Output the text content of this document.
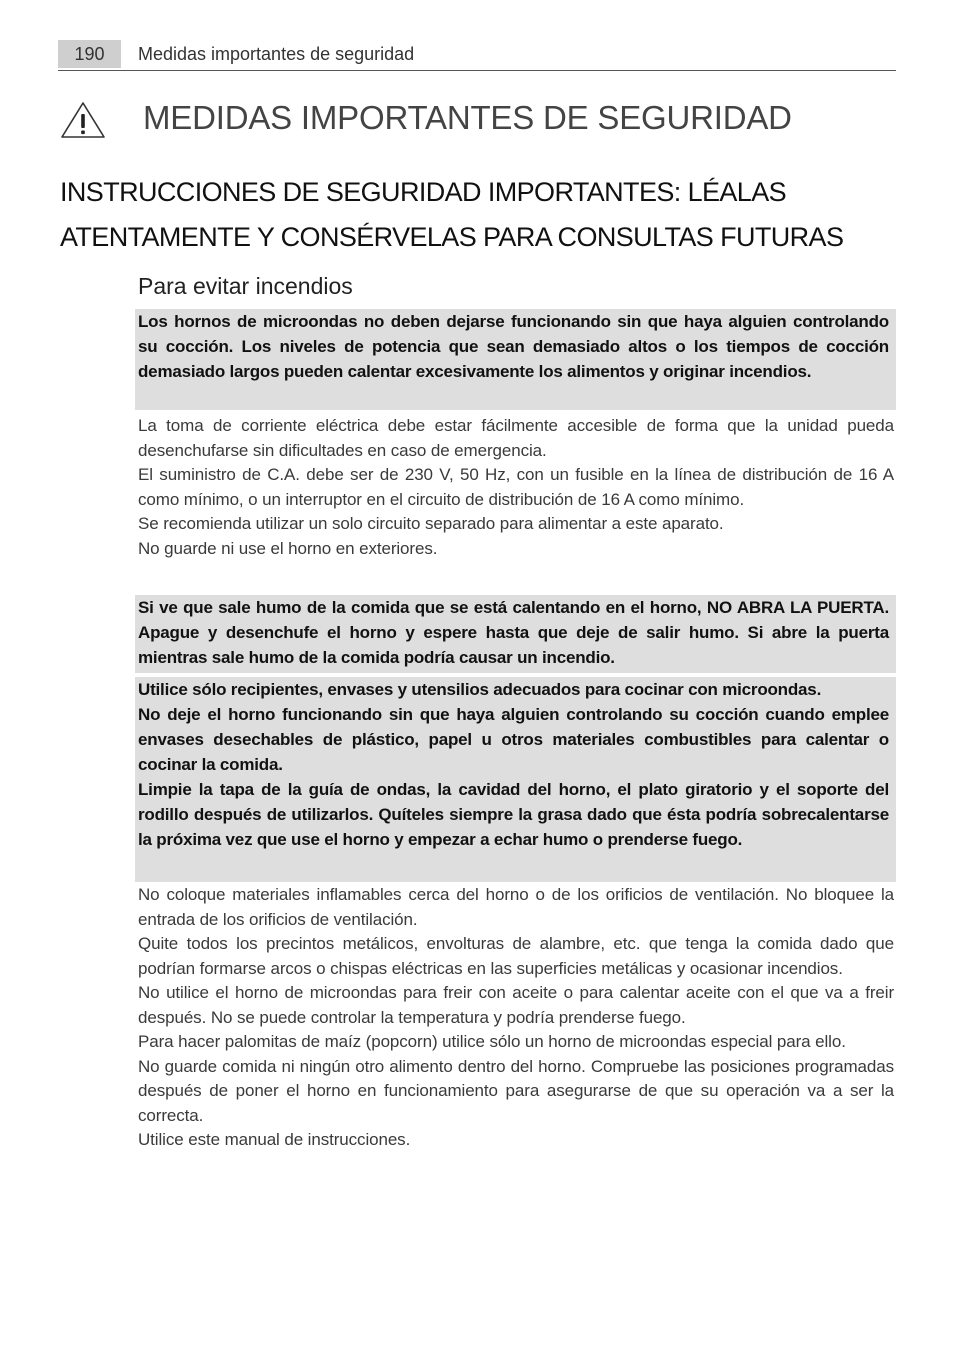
190	Medidas importantes de seguridad
MEDIDAS IMPORTANTES DE SEGURIDAD
INSTRUCCIONES DE SEGURIDAD IMPORTANTES: LÉALAS ATENTAMENTE Y CONSÉRVELAS PARA CONSULTAS FUTURAS
Para evitar incendios

Los hornos de microondas no deben dejarse funcionando sin que haya alguien controlando su cocción. Los niveles de potencia que sean demasiado altos o los tiempos de cocción demasiado largos pueden calentar excesivamente los alimentos y originar incendios.

La toma de corriente eléctrica debe estar fácilmente accesible de forma que la unidad pueda desenchufarse sin dificultades en caso de emergencia.

El suministro de C.A. debe ser de 230 V, 50 Hz, con un fusible en la línea de distribución de 16 A como mínimo, o un interruptor en el circuito de distribución de 16 A como mínimo.

Se recomienda utilizar un solo circuito separado para alimentar a este aparato.

No guarde ni use el horno en exteriores.

Si ve que sale humo de la comida que se está calentando en el horno, NO ABRA LA PUERTA. Apague y desenchufe el horno y espere hasta que deje de salir humo. Si abre la puerta mientras sale humo de la comida podría causar un incendio.

Utilice sólo recipientes, envases y utensilios adecuados para cocinar con microondas.

No deje el horno funcionando sin que haya alguien controlando su cocción cuando emplee envases desechables de plástico, papel u otros materiales combustibles para calentar o cocinar la comida.

Limpie la tapa de la guía de ondas, la cavidad del horno, el plato giratorio y el soporte del rodillo después de utilizarlos. Quíteles siempre la grasa dado que ésta podría sobrecalentarse la próxima vez que use el horno y empezar a echar humo o prenderse fuego.

No coloque materiales inflamables cerca del horno o de los orificios de ventilación. No bloquee la entrada de los orificios de ventilación.

Quite todos los precintos metálicos, envolturas de alambre, etc. que tenga la comida dado que podrían formarse arcos o chispas eléctricas en las superficies metálicas y ocasionar incendios.

No utilice el horno de microondas para freir con aceite o para calentar aceite con el que va a freir después. No se puede controlar la temperatura y podría prenderse fuego.

Para hacer palomitas de maíz (popcorn) utilice sólo un horno de microondas especial para ello.

No guarde comida ni ningún otro alimento dentro del horno. Compruebe las posiciones programadas después de poner el horno en funcionamiento para asegurarse de que su operación va a ser la correcta.

Utilice este manual de instrucciones.
